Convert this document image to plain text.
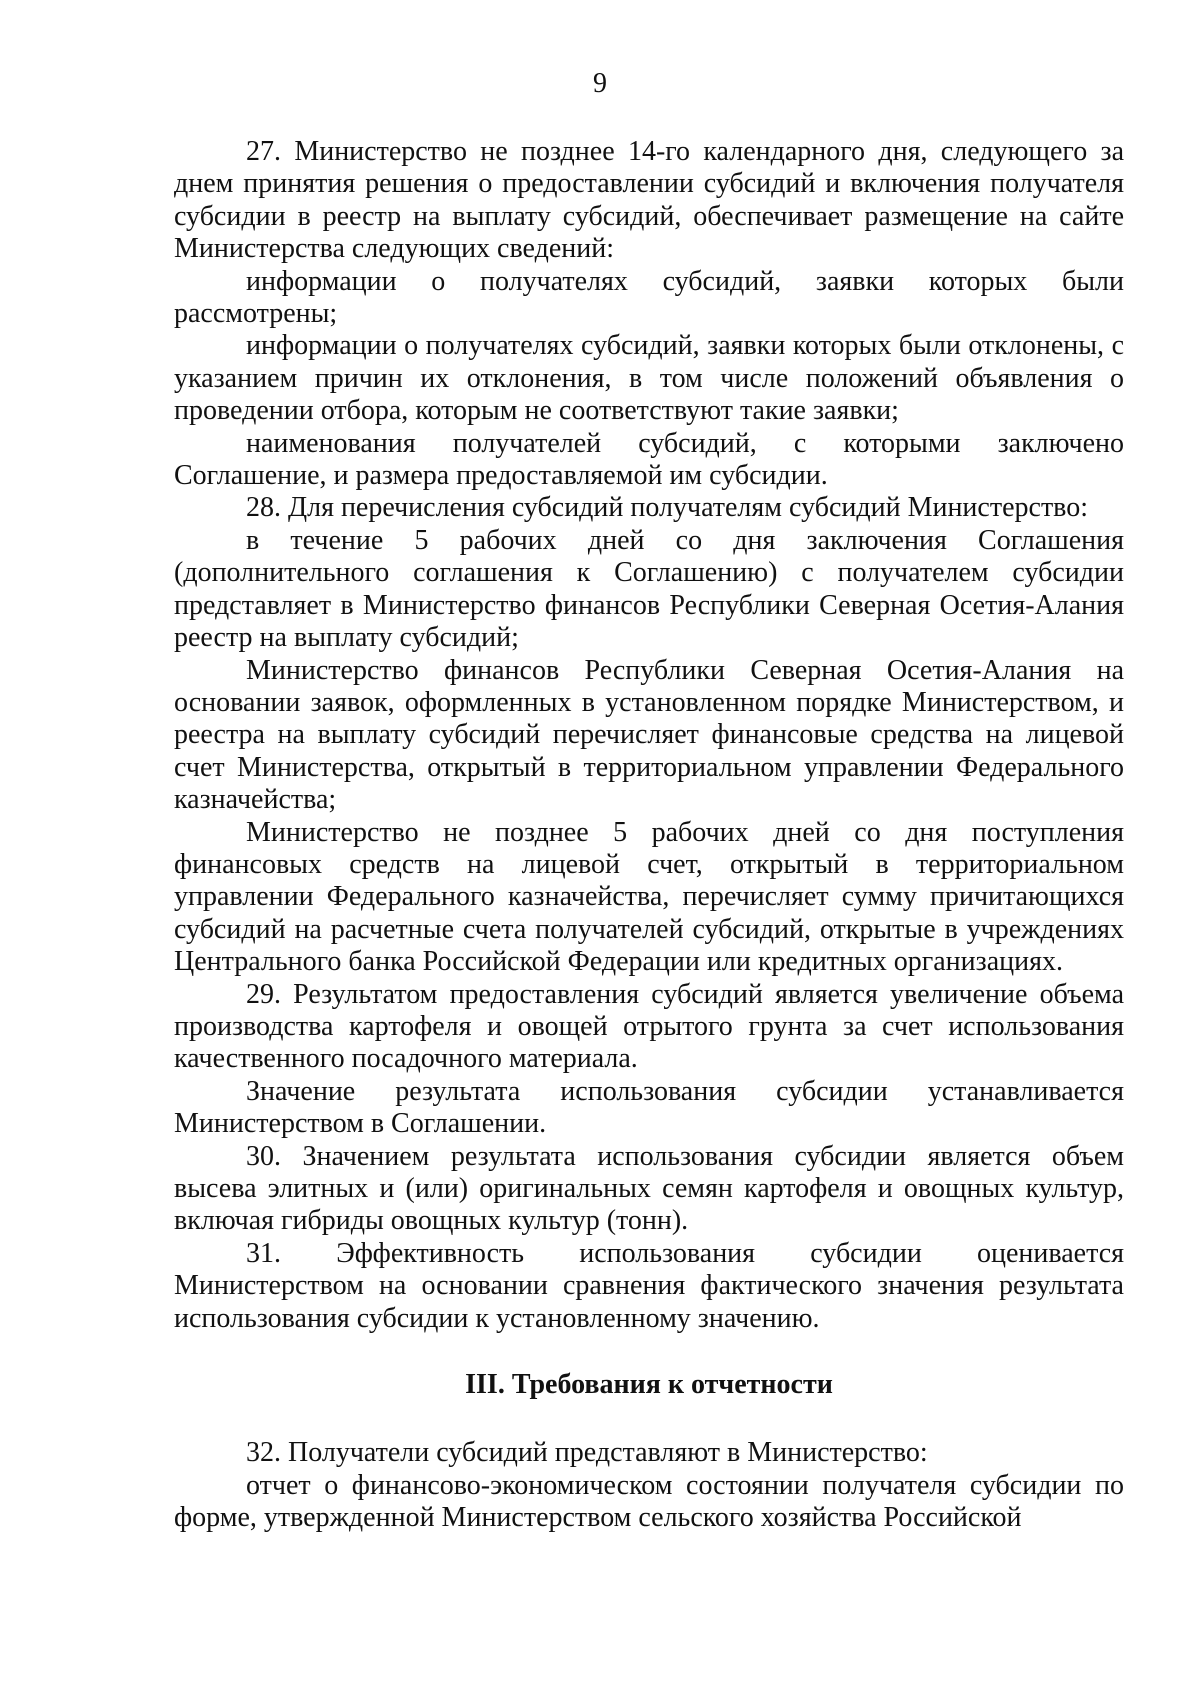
9

27. Министерство не позднее 14-го календарного дня, следующего за днем принятия решения о предоставлении субсидий и включения получателя субсидии в реестр на выплату субсидий, обеспечивает размещение на сайте Министерства следующих сведений:

информации о получателях субсидий, заявки которых были рассмотрены;

информации о получателях субсидий, заявки которых были отклонены, с указанием причин их отклонения, в том числе положений объявления о проведении отбора, которым не соответствуют такие заявки;

наименования получателей субсидий, с которыми заключено Соглашение, и размера предоставляемой им субсидии.

28. Для перечисления субсидий получателям субсидий Министерство:

в течение 5 рабочих дней со дня заключения Соглашения (дополнительного соглашения к Соглашению) с получателем субсидии представляет в Министерство финансов Республики Северная Осетия-Алания реестр на выплату субсидий;

Министерство финансов Республики Северная Осетия-Алания на основании заявок, оформленных в установленном порядке Министерством, и реестра на выплату субсидий перечисляет финансовые средства на лицевой счет Министерства, открытый в территориальном управлении Федерального казначейства;

Министерство не позднее 5 рабочих дней со дня поступления финансовых средств на лицевой счет, открытый в территориальном управлении Федерального казначейства, перечисляет сумму причитающихся субсидий на расчетные счета получателей субсидий, открытые в учреждениях Центрального банка Российской Федерации или кредитных организациях.

29. Результатом предоставления субсидий является увеличение объема производства картофеля и овощей отрытого грунта за счет использования качественного посадочного материала.

Значение результата использования субсидии устанавливается Министерством в Соглашении.

30. Значением результата использования субсидии является объем высева элитных и (или) оригинальных семян картофеля и овощных культур, включая гибриды овощных культур (тонн).

31. Эффективность использования субсидии оценивается Министерством на основании сравнения фактического значения результата использования субсидии к установленному значению.

III. Требования к отчетности

32. Получатели субсидий представляют в Министерство:

отчет о финансово-экономическом состоянии получателя субсидии по форме, утвержденной Министерством сельского хозяйства Российской
